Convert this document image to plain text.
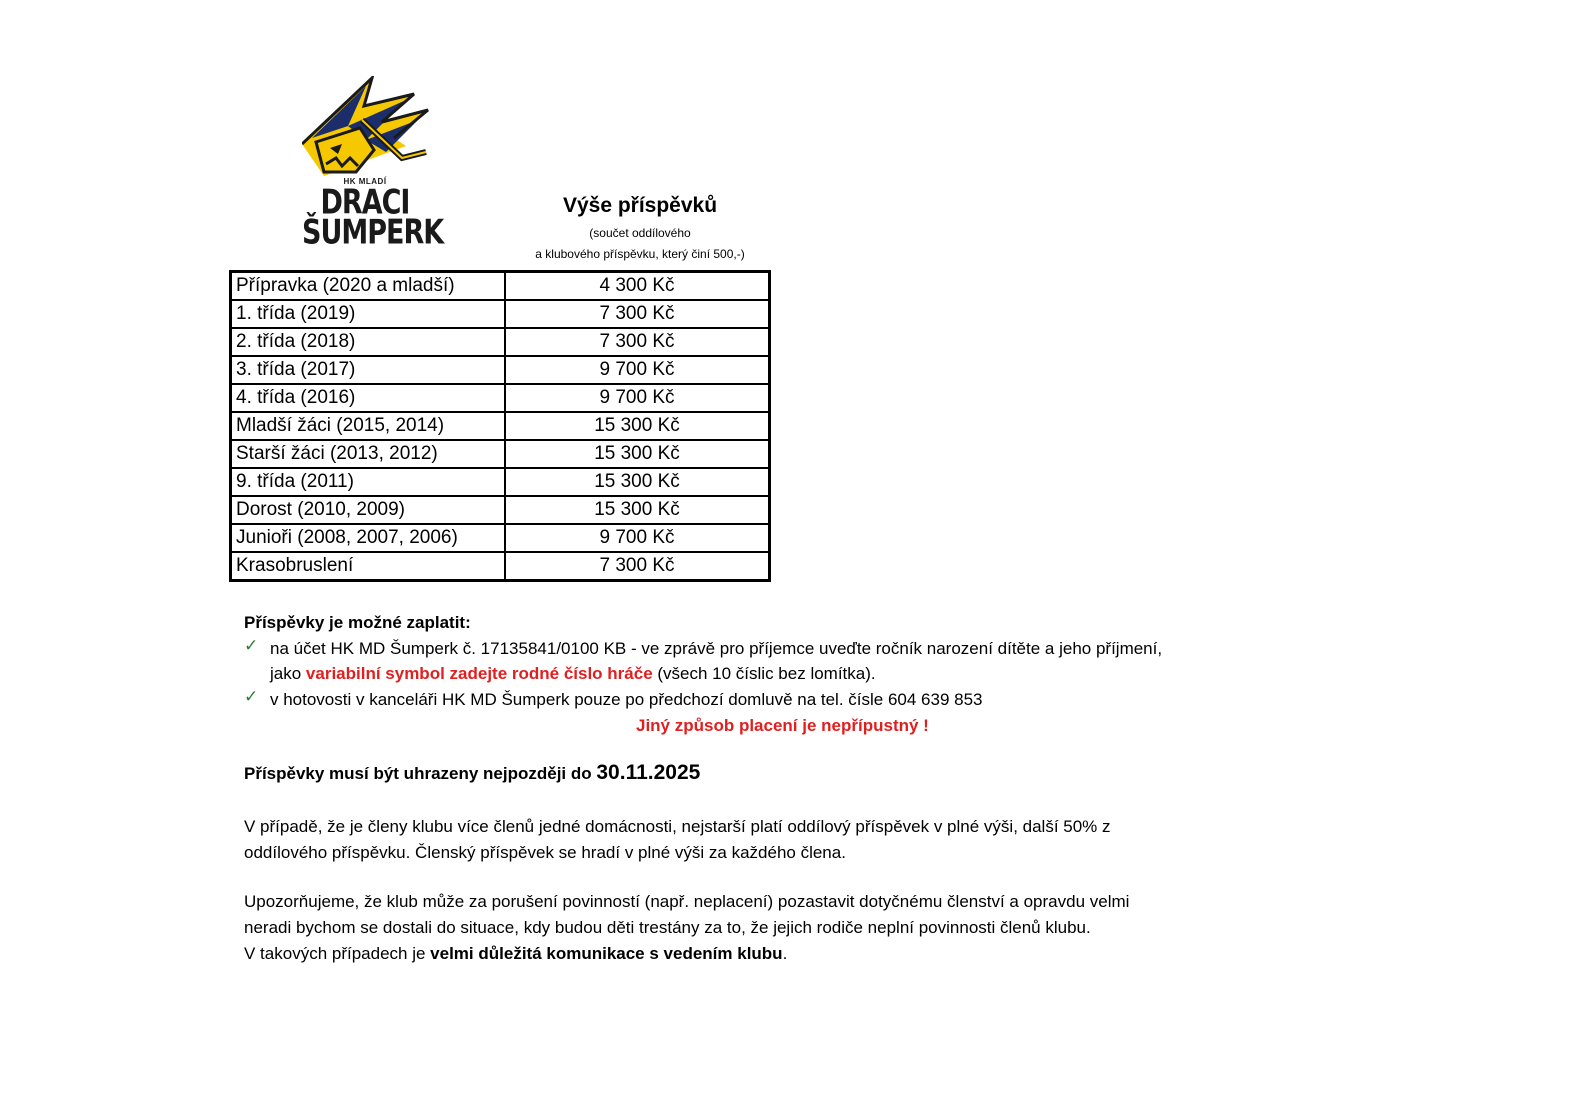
HK MLADÍ
DRACI
ŠUMPERK
Výše příspěvků
(součet oddílového
a klubového příspěvku, který činí 500,-)
Přípravka (2020 a mladší)	4 300 Kč
1. třída (2019)	7 300 Kč
2. třída (2018)	7 300 Kč
3. třída (2017)	9 700 Kč
4. třída (2016)	9 700 Kč
Mladší žáci (2015, 2014)	15 300 Kč
Starší žáci (2013, 2012)	15 300 Kč
9. třída (2011)	15 300 Kč
Dorost (2010, 2009)	15 300 Kč
Junioři (2008, 2007, 2006)	9 700 Kč
Krasobruslení	7 300 Kč
Příspěvky je možné zaplatit:
✓ na účet HK MD Šumperk č. 17135841/0100 KB - ve zprávě pro příjemce uveďte ročník narození dítěte a jeho příjmení,
jako variabilní symbol zadejte rodné číslo hráče (všech 10 číslic bez lomítka).
✓ v hotovosti v kanceláři HK MD Šumperk pouze po předchozí domluvě na tel. čísle 604 639 853
Jiný způsob placení je nepřípustný !
Příspěvky musí být uhrazeny nejpozději do 30.11.2025
V případě, že je členy klubu více členů jedné domácnosti, nejstarší platí oddílový příspěvek v plné výši, další 50% z
oddílového příspěvku. Členský příspěvek se hradí v plné výši za každého člena.
Upozorňujeme, že klub může za porušení povinností (např. neplacení) pozastavit dotyčnému členství a opravdu velmi
neradi bychom se dostali do situace, kdy budou děti trestány za to, že jejich rodiče neplní povinnosti členů klubu.
V takových případech je velmi důležitá komunikace s vedením klubu.
